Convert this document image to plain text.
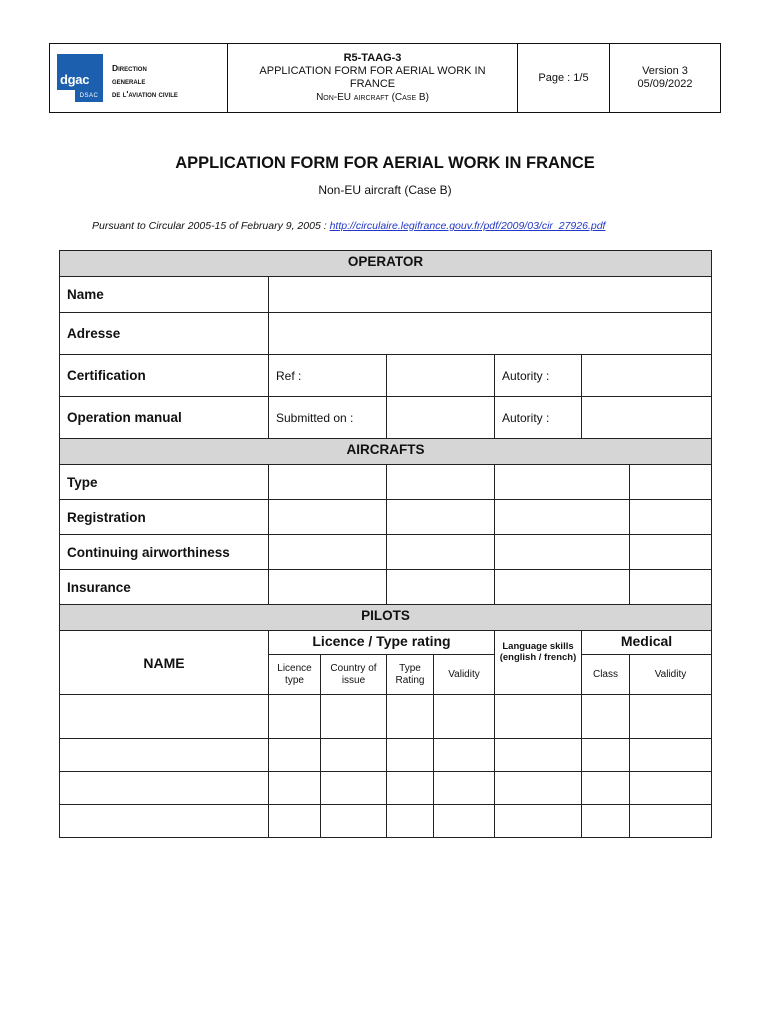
dgac
DSAC
Direction
generale
de l'aviation civile

R5-TAAG-3
APPLICATION FORM FOR AERIAL WORK IN
FRANCE
Non-EU aircraft (Case B)
	Page : 1/5	
Version 3
05/09/2022
APPLICATION FORM FOR AERIAL WORK IN FRANCE
Non-EU aircraft (Case B)
Pursuant to Circular 2005-15 of February 9, 2005 : http://circulaire.legifrance.gouv.fr/pdf/2009/03/cir_27926.pdf
OPERATOR							
Name							
Adresse							
Certification	Ref :				Autority :		
Operation manual	Submitted on :				Autority :		
AIRCRAFTS							
Type							
Registration							
Continuing airworthiness							
Insurance							
PILOTS							
NAME	Licence / Type rating				Language skills (english / french)	Medical	
	Licence type	Country of issue	Type Rating	Validity		Class	Validity
